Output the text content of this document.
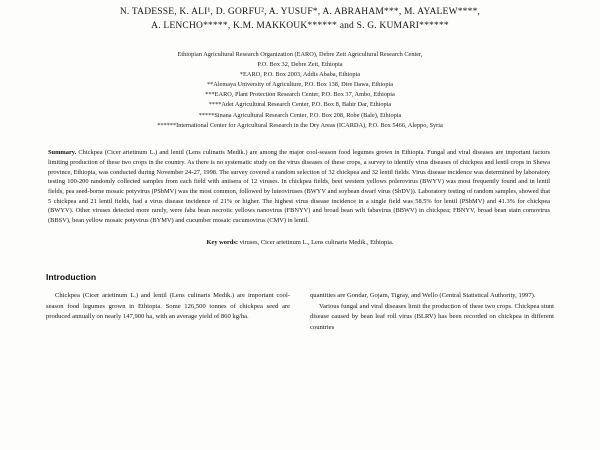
N. TADESSE, K. ALI¹, D. GORFU², A. YUSUF*, A. ABRAHAM***, M. AYALEW****,
A. LENCHO*****, K.M. MAKKOUK****** and S. G. KUMARI******
Ethiopian Agricultural Research Organization (EARO), Debre Zeit Agricultural Research Center,
P.O. Box 32, Debre Zeit, Ethiopia
*EARO, P.O. Box 2003, Addis Ababa, Ethiopia
**Alemaya University of Agriculture, P.O. Box 138, Dire Dawa, Ethiopia
***EARO, Plant Protection Research Center, P.O. Box 37, Ambo, Ethiopia
****Adet Agricultural Research Center, P.O. Box 8, Bahir Dar, Ethiopia
*****Sinana Agricultural Research Center, P.O. Box 208, Robe (Bale), Ethiopia
******International Center for Agricultural Research in the Dry Areas (ICARDA), P.O. Box 5466, Aleppo, Syria
Summary. Chickpea (Cicer arietinum L.) and lentil (Lens culinaris Medik.) are among the major cool-season food legumes grown in Ethiopia. Fungal and viral diseases are important factors limiting production of these two crops in the country. As there is no systematic study on the virus diseases of these crops, a survey to identify virus diseases of chickpea and lentil crops in Shewa province, Ethiopia, was conducted during November 24-27, 1998. The survey covered a random selection of 32 chickpea and 32 lentil fields. Virus disease incidence was determined by laboratory testing 100-200 randomly collected samples from each field with antisera of 12 viruses. In chickpea fields, beet western yellows polerovirus (BWYV) was most frequently found and in lentil fields, pea seed-borne mosaic potyvirus (PSbMV) was the most common, followed by luteoviruses (BWYV and soybean dwarf virus (SbDV)). Laboratory testing of random samples, showed that 5 chickpea and 21 lentil fields, had a virus disease incidence of 21% or higher. The highest virus disease incidence in a single field was 58.5% for lentil (PSbMV) and 41.3% for chickpea (BWYV). Other viruses detected more rarely, were faba bean necrotic yellows nanovirus (FBNYV) and broad bean wilt fabavirus (BBWV) in chickpea; FBNYV, broad bean stain comovirus (BBSV), bean yellow mosaic potyvirus (BYMV) and cucumber mosaic cucumovirus (CMV) in lentil.
Key words: viruses, Cicer arietinum L., Lens culinaris Medik., Ethiopia.
Introduction

Chickpea (Cicer arietinum L.) and lentil (Lens culinaris Medik.) are important cool-season food legumes grown in Ethiopia. Some 126,500 tonnes of chickpea seed are produced annually on nearly 147,900 ha, with an average yield of 860 kg/ha.

quantities are Gondar, Gojam, Tigray, and Wello (Central Statistical Authority, 1997).

Various fungal and viral diseases limit the production of these two crops. Chickpea stunt disease caused by bean leaf roll virus (BLRV) has been recorded on chickpea in different countries
